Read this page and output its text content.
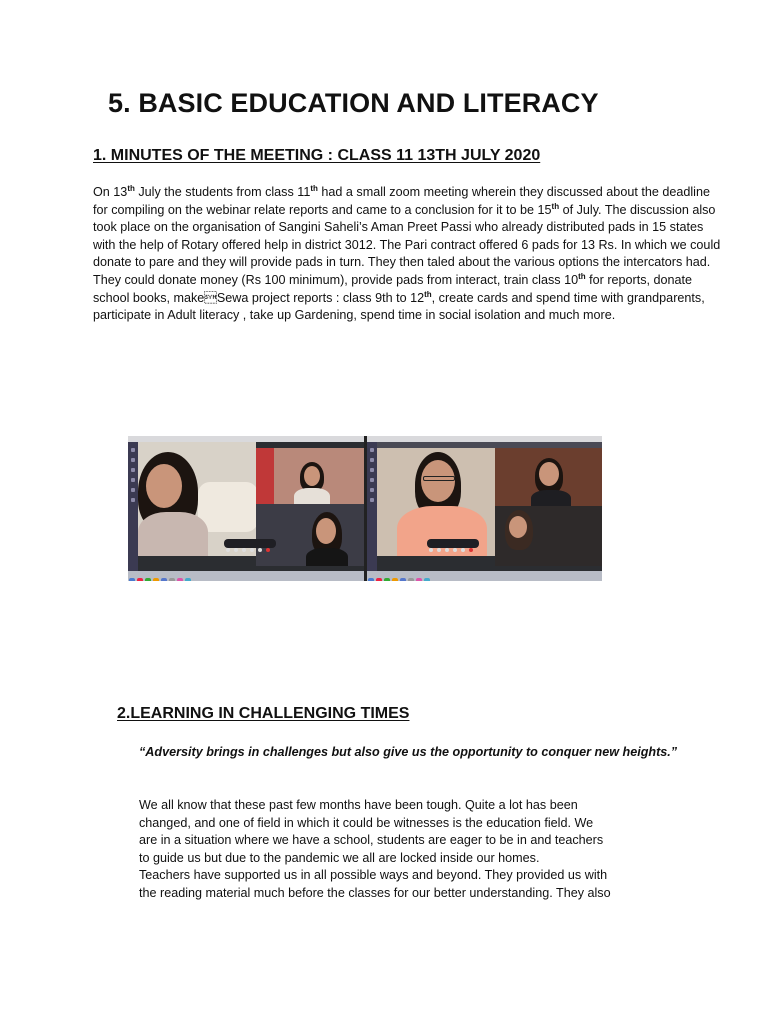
5. BASIC EDUCATION AND LITERACY
1. MINUTES OF THE MEETING : CLASS 11 13TH JULY 2020

On 13th July the students from class 11th had a small zoom meeting wherein they discussed about the deadline for compiling on the webinar relate reports and came to a conclusion for it to be 15th of July. The discussion also took place on the organisation of Sangini Saheli’s Aman Preet Passi who already distributed pads in 15 states with the help of Rotary offered help in district 3012. The Pari contract offered 6 pads for 13 Rs. In which we could donate to pare and they will provide pads in turn. They then taled about the various options the intercators had. They could donate money (Rs 100 minimum), provide pads from interact, train class 10th for reports, donate school books, makeSewa project reports : class 9th to 12th, create cards and spend time with grandparents, participate in Adult literacy , take up Gardening, spend time in social isolation and much more.

2.LEARNING IN CHALLENGING TIMES

“Adversity brings in challenges but also give us the opportunity to conquer new heights.”

We all know that these past few months have been tough. Quite a lot has been
changed, and one of field in which it could be witnesses is the education field. We
are in a situation where we have a school, students are eager to be in and teachers
to guide us but due to the pandemic we all are locked inside our homes.
Teachers have supported us in all possible ways and beyond. They provided us with
the reading material much before the classes for our better understanding. They also
